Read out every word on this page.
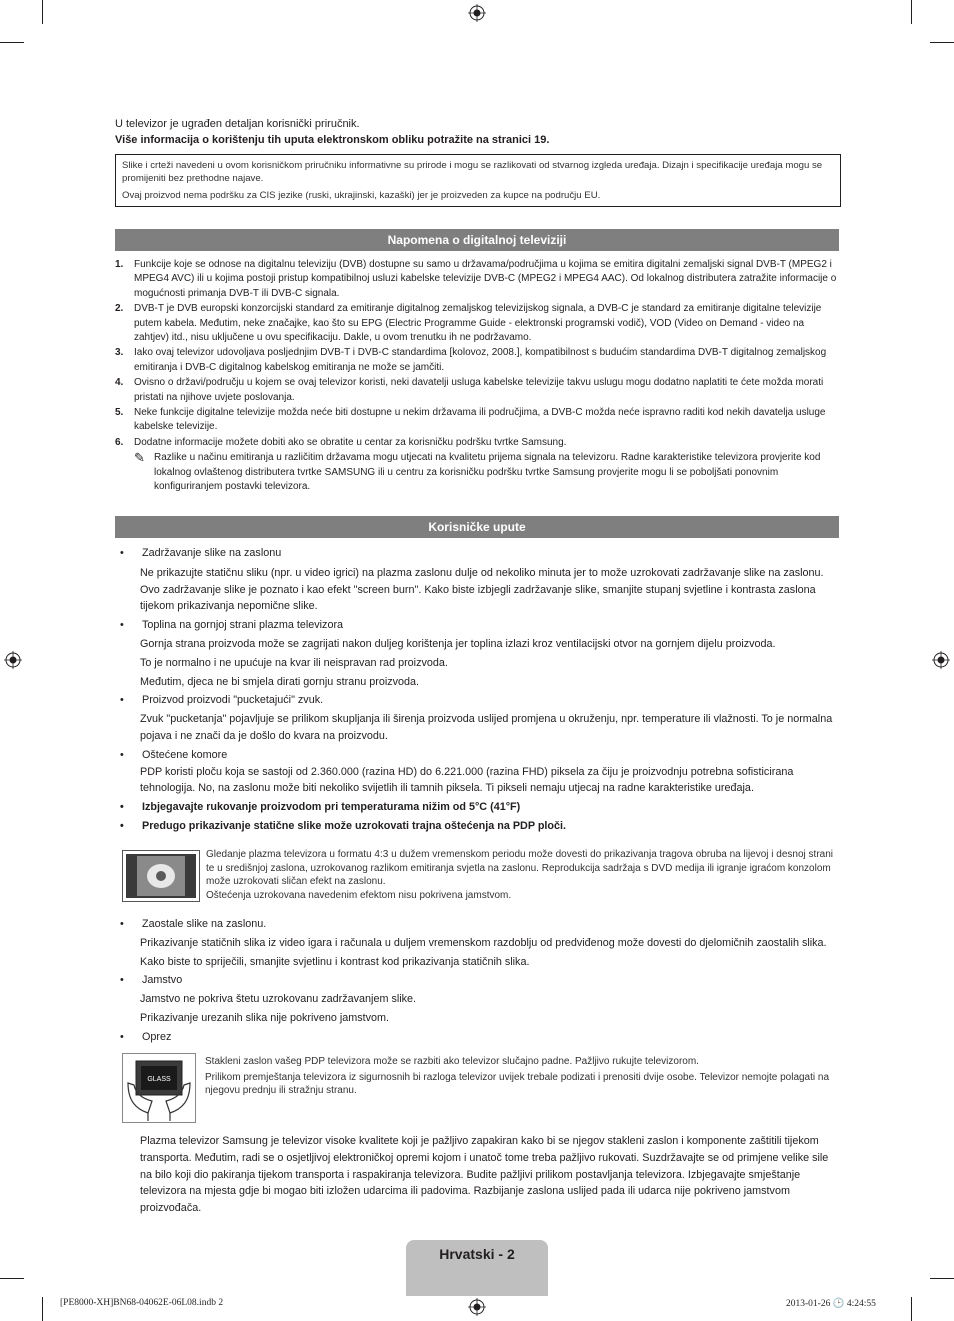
U televizor je ugrađen detaljan korisnički priručnik.
Više informacija o korištenju tih uputa elektronskom obliku potražite na stranici 19.

Slike i crteži navedeni u ovom korisničkom priručniku informativne su prirode i mogu se razlikovati od stvarnog izgleda uređaja. Dizajn i specifikacije uređaja mogu se promijeniti bez prethodne najave.

Ovaj proizvod nema podršku za CIS jezike (ruski, ukrajinski, kazaški) jer je proizveden za kupce na području EU.

Napomena o digitalnoj televiziji
1.	Funkcije koje se odnose na digitalnu televiziju (DVB) dostupne su samo u državama/područjima u kojima se emitira digitalni zemaljski signal DVB-T (MPEG2 i MPEG4 AVC) ili u kojima postoji pristup kompatibilnoj usluzi kabelske televizije DVB-C (MPEG2 i MPEG4 AAC). Od lokalnog distributera zatražite informacije o mogućnosti primanja DVB-T ili DVB-C signala.
2.	DVB-T je DVB europski konzorcijski standard za emitiranje digitalnog zemaljskog televizijskog signala, a DVB-C je standard za emitiranje digitalne televizije putem kabela. Međutim, neke značajke, kao što su EPG (Electric Programme Guide - elektronski programski vodič), VOD (Video on Demand - video na zahtjev) itd., nisu uključene u ovu specifikaciju. Dakle, u ovom trenutku ih ne podržavamo.
3.	Iako ovaj televizor udovoljava posljednjim DVB-T i DVB-C standardima [kolovoz, 2008.], kompatibilnost s budućim standardima DVB-T digitalnog zemaljskog emitiranja i DVB-C digitalnog kabelskog emitiranja ne može se jamčiti.
4.	Ovisno o državi/području u kojem se ovaj televizor koristi, neki davatelji usluga kabelske televizije takvu uslugu mogu dodatno naplatiti te ćete možda morati pristati na njihove uvjete poslovanja.
5.	Neke funkcije digitalne televizije možda neće biti dostupne u nekim državama ili područjima, a DVB-C možda neće ispravno raditi kod nekih davatelja usluge kabelske televizije.
6.	Dodatne informacije možete dobiti ako se obratite u centar za korisničku podršku tvrtke Samsung.
✎ Razlike u načinu emitiranja u različitim državama mogu utjecati na kvalitetu prijema signala na televizoru. Radne karakteristike televizora provjerite kod lokalnog ovlaštenog distributera tvrtke SAMSUNG ili u centru za korisničku podršku tvrtke Samsung provjerite mogu li se poboljšati ponovnim konfiguriranjem postavki televizora.
Korisničke upute
•	Zadržavanje slike na zaslonu

Ne prikazujte statičnu sliku (npr. u video igrici) na plazma zaslonu dulje od nekoliko minuta jer to može uzrokovati zadržavanje slike na zaslonu. Ovo zadržavanje slike je poznato i kao efekt "screen burn". Kako biste izbjegli zadržavanje slike, smanjite stupanj svjetline i kontrasta zaslona tijekom prikazivanja nepomične slike.

•	Toplina na gornjoj strani plazma televizora

Gornja strana proizvoda može se zagrijati nakon duljeg korištenja jer toplina izlazi kroz ventilacijski otvor na gornjem dijelu proizvoda.

To je normalno i ne upućuje na kvar ili neispravan rad proizvoda.

Međutim, djeca ne bi smjela dirati gornju stranu proizvoda.

•	Proizvod proizvodi "pucketajući" zvuk.

Zvuk "pucketanja" pojavljuje se prilikom skupljanja ili širenja proizvoda uslijed promjena u okruženju, npr. temperature ili vlažnosti. To je normalna pojava i ne znači da je došlo do kvara na proizvodu.

•	Oštećene komore

PDP koristi ploču koja se sastoji od 2.360.000 (razina HD) do 6.221.000 (razina FHD) piksela za čiju je proizvodnju potrebna sofisticirana tehnologija. No, na zaslonu može biti nekoliko svijetlih ili tamnih piksela. Ti pikseli nemaju utjecaj na radne karakteristike uređaja.

•	Izbjegavajte rukovanje proizvodom pri temperaturama nižim od 5°C (41°F)
•	Predugo prikazivanje statične slike može uzrokovati trajna oštećenja na PDP ploči.
Gledanje plazma televizora u formatu 4:3 u dužem vremenskom periodu može dovesti do prikazivanja tragova obruba na lijevoj i desnoj strani te u središnjoj zaslona, uzrokovanog razlikom emitiranja svjetla na zaslonu. Reprodukcija sadržaja s DVD medija ili igranje igraćom konzolom može uzrokovati sličan efekt na zaslonu.
Oštećenja uzrokovana navedenim efektom nisu pokrivena jamstvom.
•	Zaostale slike na zaslonu.

Prikazivanje statičnih slika iz video igara i računala u duljem vremenskom razdoblju od predviđenog može dovesti do djelomičnih zaostalih slika.

Kako biste to spriječili, smanjite svjetlinu i kontrast kod prikazivanja statičnih slika.

•	Jamstvo

Jamstvo ne pokriva štetu uzrokovanu zadržavanjem slike.

Prikazivanje urezanih slika nije pokriveno jamstvom.

•	Oprez
GLASS
Stakleni zaslon vašeg PDP televizora može se razbiti ako televizor slučajno padne. Pažljivo rukujte televizorom.
Prilikom premještanja televizora iz sigurnosnih bi razloga televizor uvijek trebale podizati i prenositi dvije osobe. Televizor nemojte polagati na njegovu prednju ili stražnju stranu.

Plazma televizor Samsung je televizor visoke kvalitete koji je pažljivo zapakiran kako bi se njegov stakleni zaslon i komponente zaštitili tijekom transporta. Međutim, radi se o osjetljivoj elektroničkoj opremi kojom i unatoč tome treba pažljivo rukovati. Suzdržavajte se od primjene velike sile na bilo koji dio pakiranja tijekom transporta i raspakiranja televizora. Budite pažljivi prilikom postavljanja televizora. Izbjegavajte smještanje televizora na mjesta gdje bi mogao biti izložen udarcima ili padovima. Razbijanje zaslona uslijed pada ili udarca nije pokriveno jamstvom proizvođača.

Hrvatski - 2
[PE8000-XH]BN68-04062E-06L08.indb 2	2013-01-26 🕒 4:24:55
